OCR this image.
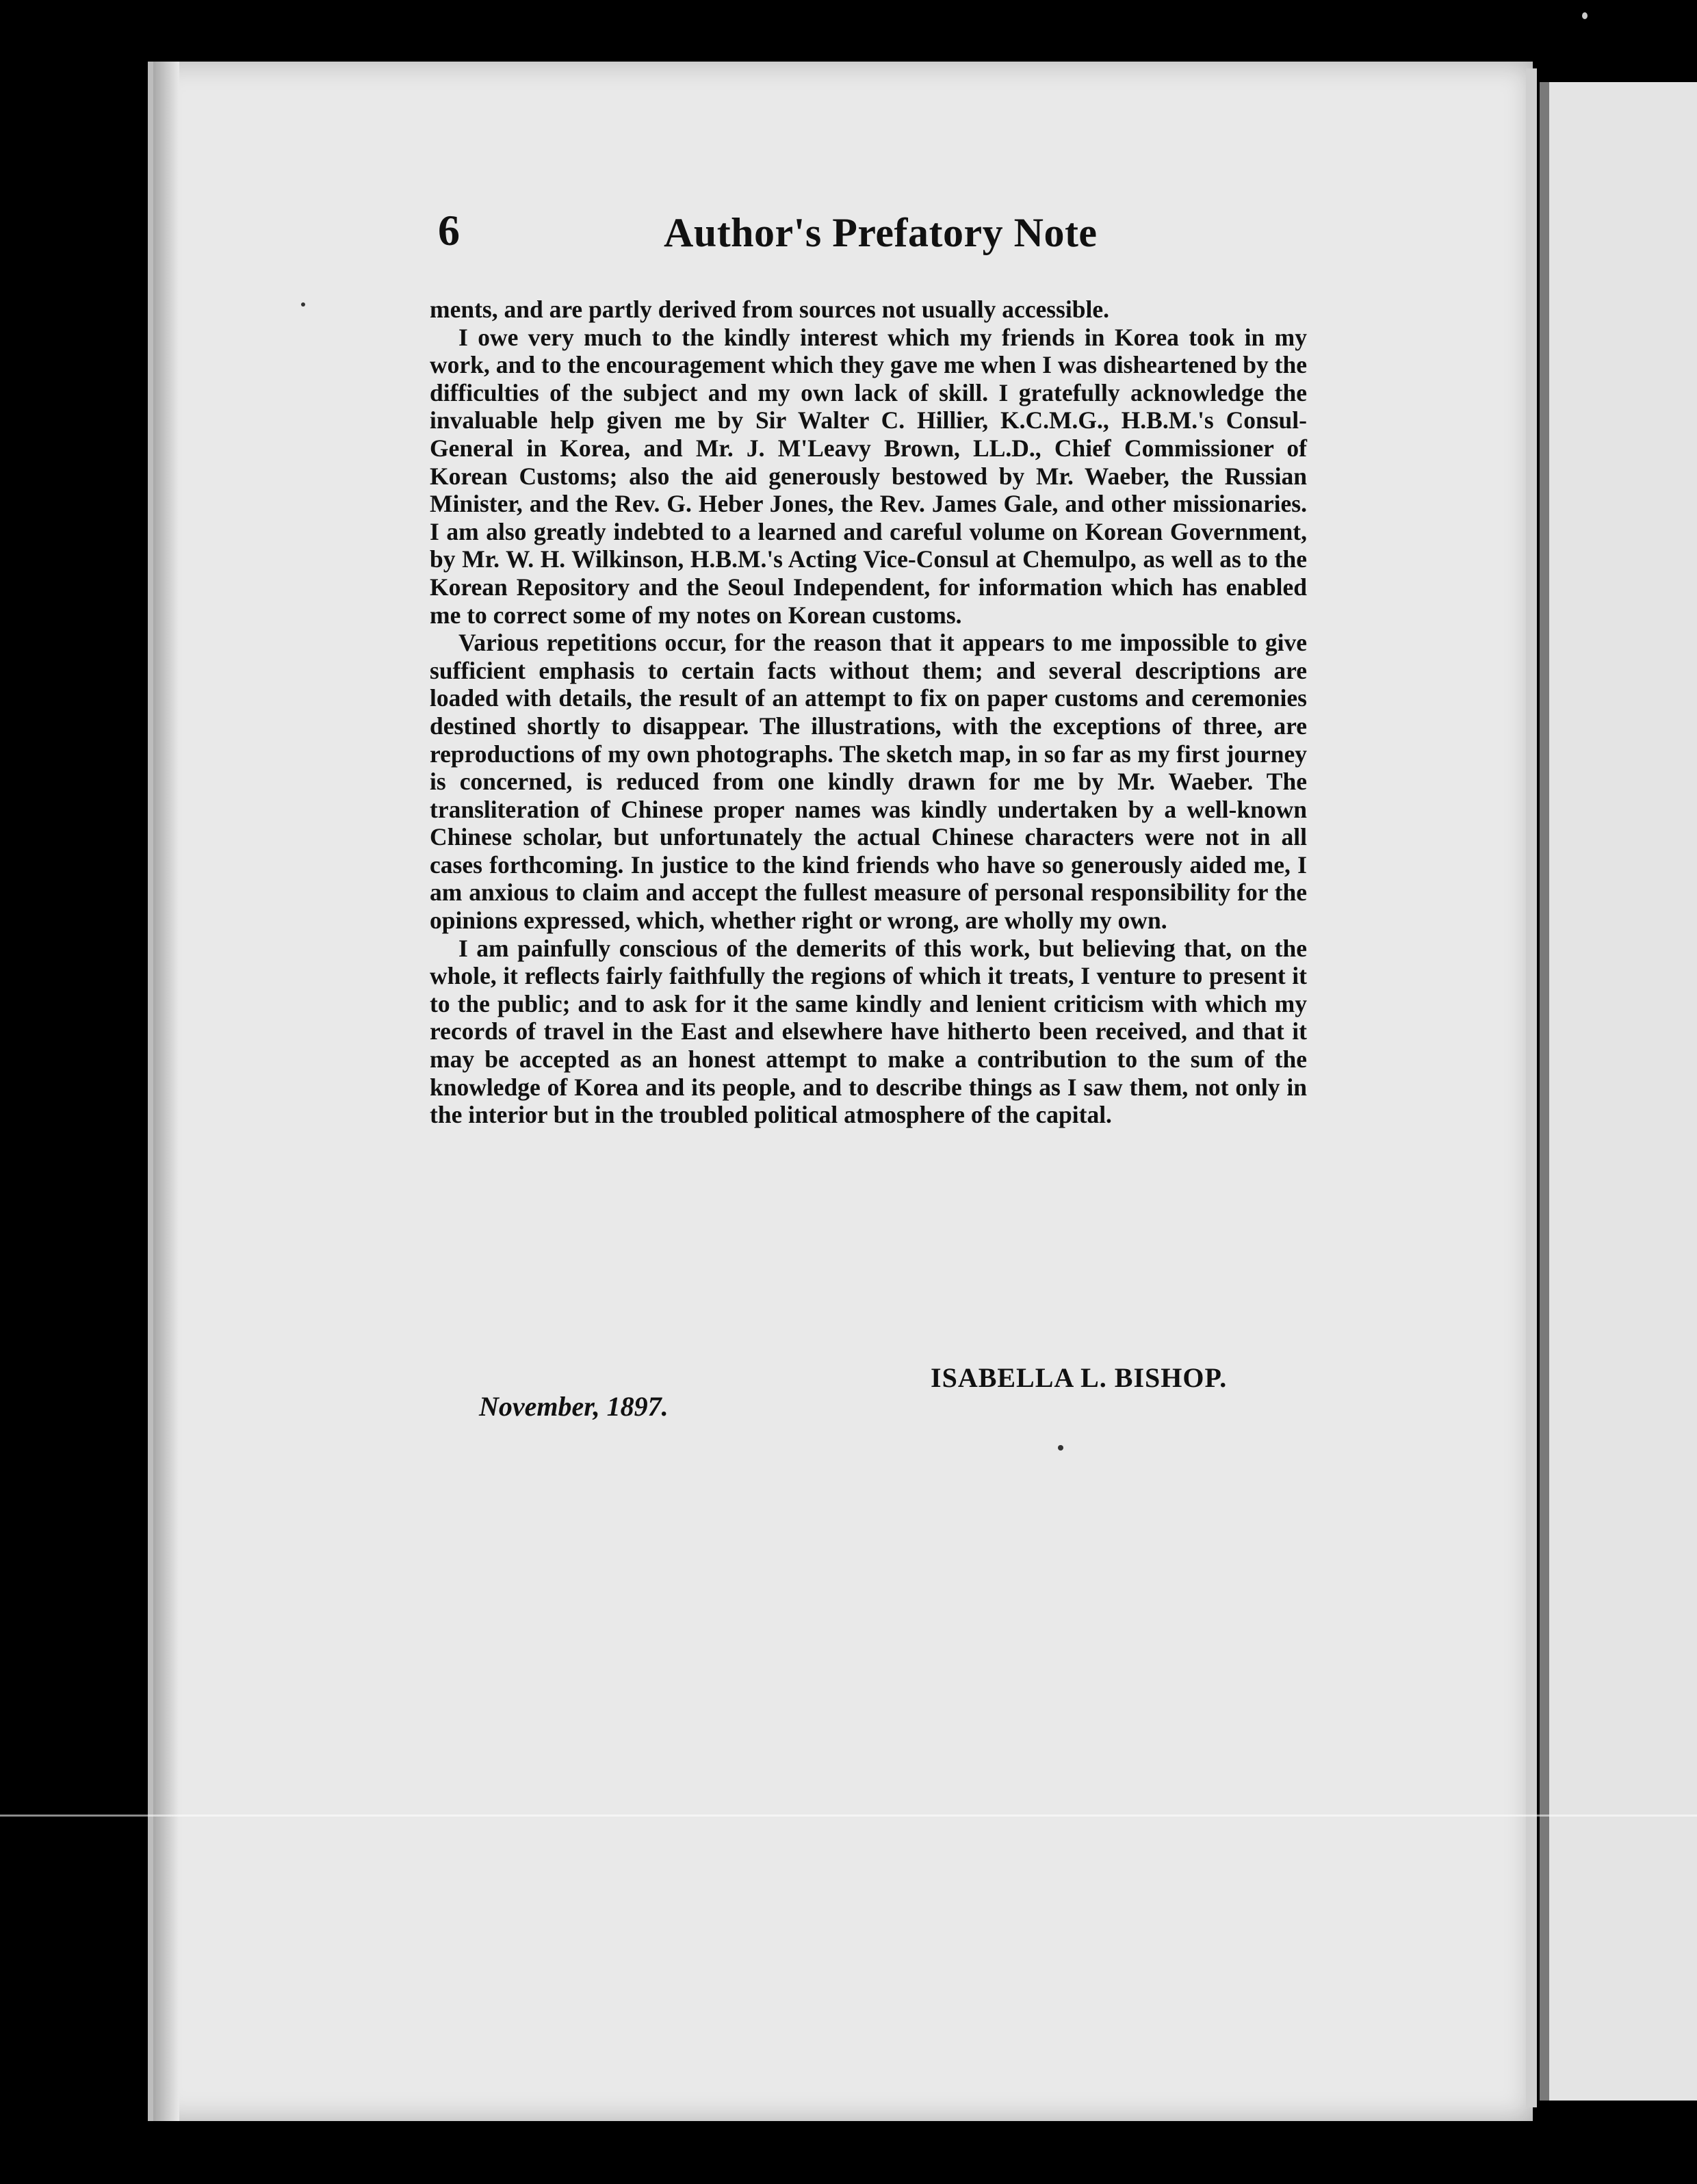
6	Author's Prefatory Note

ments, and are partly derived from sources not usually accessible.

I owe very much to the kindly interest which my friends in Korea took in my work, and to the encouragement which they gave me when I was disheartened by the difficulties of the subject and my own lack of skill. I gratefully acknowledge the invaluable help given me by Sir Walter C. Hillier, K.C.M.G., H.B.M.'s Consul-General in Korea, and Mr. J. M'Leavy Brown, LL.D., Chief Commissioner of Korean Customs; also the aid generously bestowed by Mr. Waeber, the Russian Minister, and the Rev. G. Heber Jones, the Rev. James Gale, and other missionaries. I am also greatly indebted to a learned and careful volume on Korean Government, by Mr. W. H. Wilkinson, H.B.M.'s Acting Vice-Consul at Chemulpo, as well as to the Korean Repository and the Seoul Independent, for information which has enabled me to correct some of my notes on Korean customs.

Various repetitions occur, for the reason that it appears to me impossible to give sufficient emphasis to certain facts without them; and several descriptions are loaded with details, the result of an attempt to fix on paper customs and ceremonies destined shortly to disappear. The illustrations, with the exceptions of three, are reproductions of my own photographs. The sketch map, in so far as my first journey is concerned, is reduced from one kindly drawn for me by Mr. Waeber. The transliteration of Chinese proper names was kindly undertaken by a well-known Chinese scholar, but unfortunately the actual Chinese characters were not in all cases forthcoming. In justice to the kind friends who have so generously aided me, I am anxious to claim and accept the fullest measure of personal responsibility for the opinions expressed, which, whether right or wrong, are wholly my own.

I am painfully conscious of the demerits of this work, but believing that, on the whole, it reflects fairly faithfully the regions of which it treats, I venture to present it to the public; and to ask for it the same kindly and lenient criticism with which my records of travel in the East and elsewhere have hitherto been received, and that it may be accepted as an honest attempt to make a contribution to the sum of the knowledge of Korea and its people, and to describe things as I saw them, not only in the interior but in the troubled political atmosphere of the capital.

ISABELLA L. BISHOP.
November, 1897.
